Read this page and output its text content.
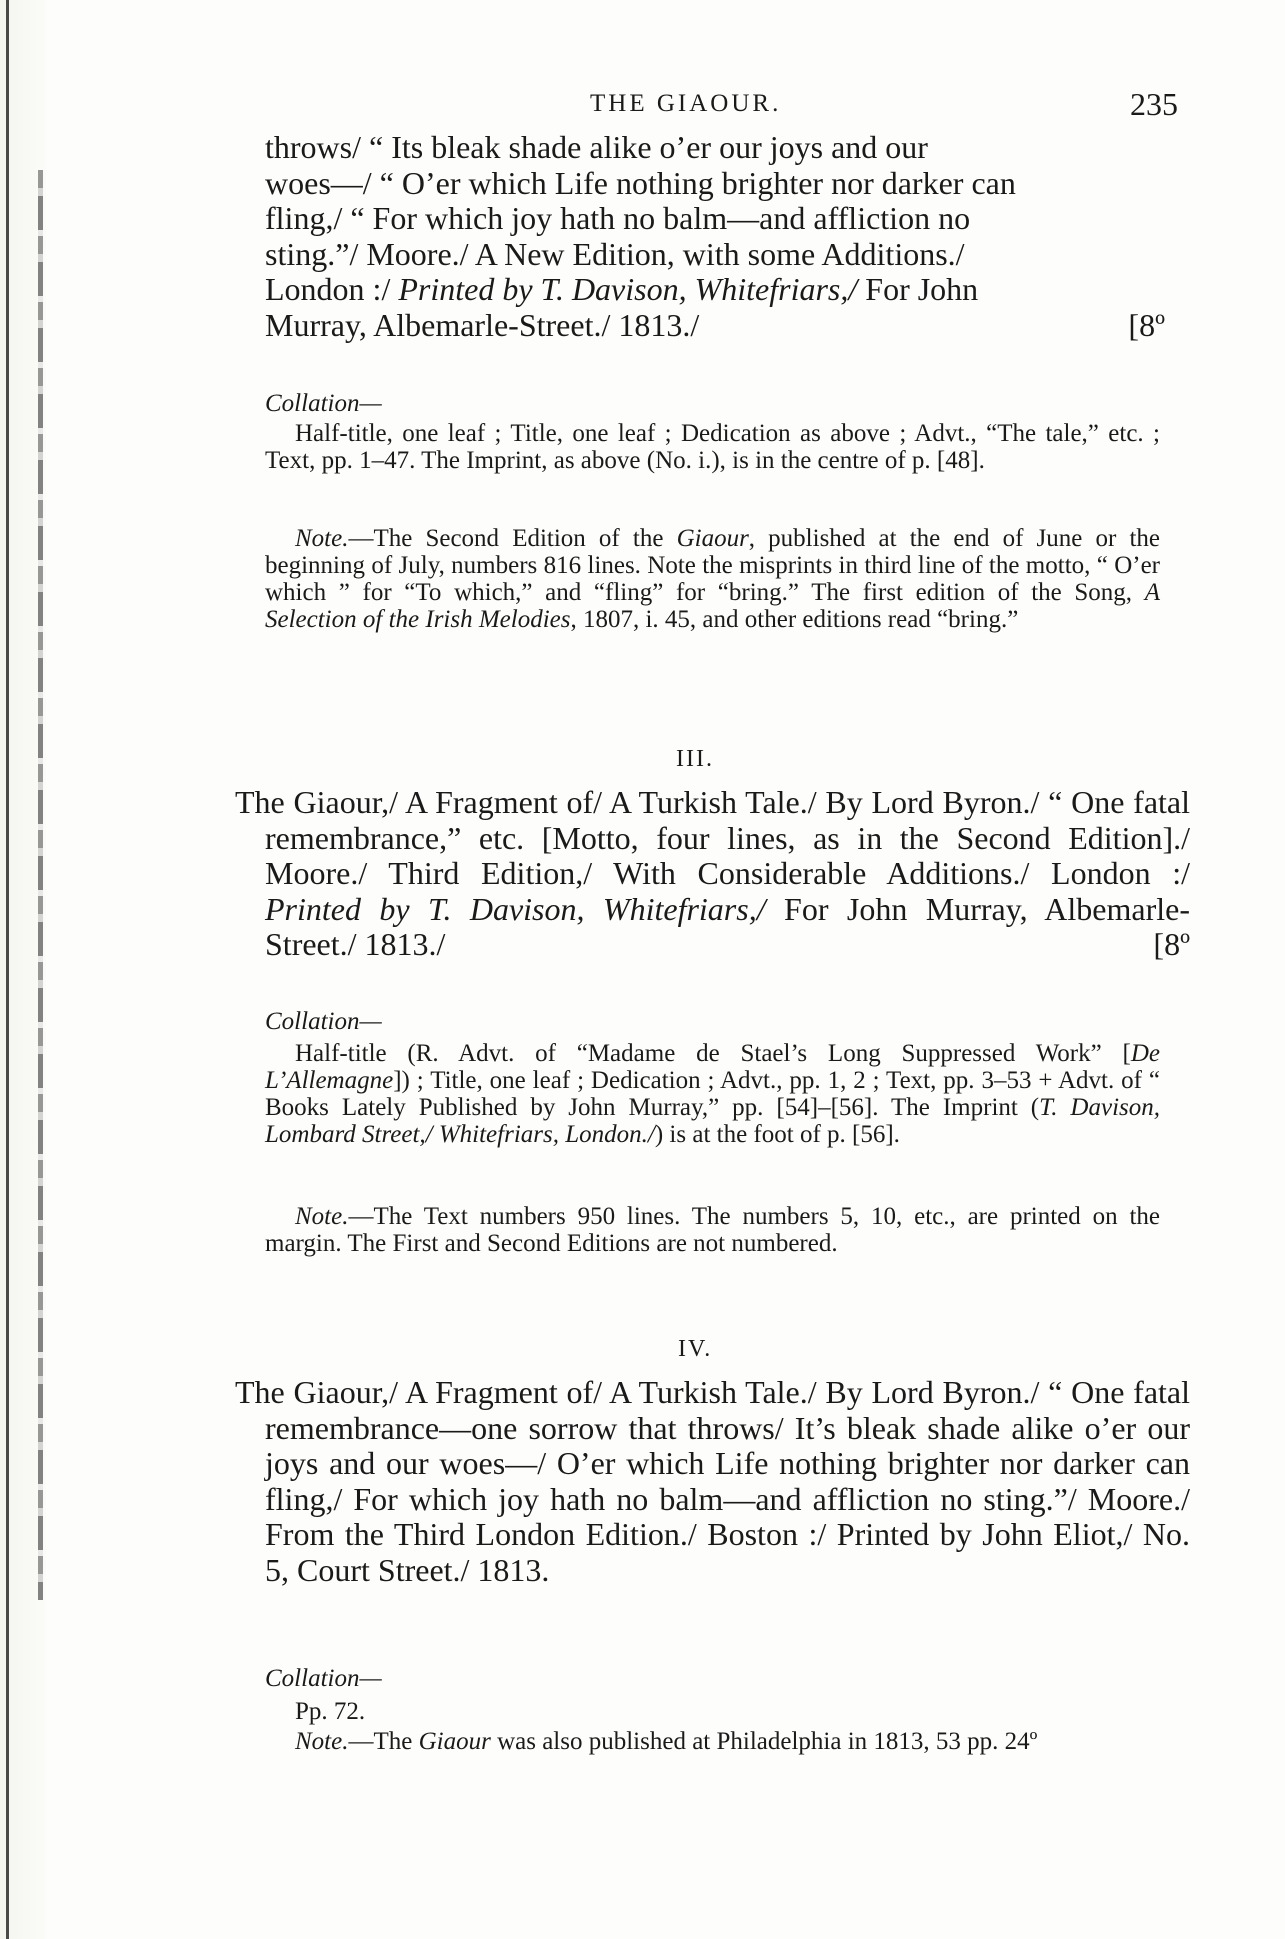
THE GIAOUR.	235
throws/ “ Its bleak shade alike o’er our joys and our
woes—/ “ O’er which Life nothing brighter nor darker can
fling,/ “ For which joy hath no balm—and affliction no
sting.”/ Moore./ A New Edition, with some Additions./
London :/ Printed by T. Davison, Whitefriars,/ For John
Murray, Albemarle-Street./ 1813./	[8º
Collation—
Half-title, one leaf ; Title, one leaf ; Dedication as above ; Advt., “The tale,” etc. ; Text, pp. 1–47. The Imprint, as above (No. i.), is in the centre of p. [48].
Note.—The Second Edition of the Giaour, published at the end of June or the beginning of July, numbers 816 lines. Note the misprints in third line of the motto, “ O’er which ” for “To which,” and “fling” for “bring.” The first edition of the Song, A Selection of the Irish Melodies, 1807, i. 45, and other editions read “bring.”
III.
The Giaour,/ A Fragment of/ A Turkish Tale./ By Lord Byron./ “ One fatal remembrance,” etc. [Motto, four lines, as in the Second Edition]./ Moore./ Third Edition,/ With Considerable Additions./ London :/ Printed by T. Davison, Whitefriars,/ For John Murray, Albemarle-Street./ 1813./	[8º
Collation—
Half-title (R. Advt. of “Madame de Stael’s Long Suppressed Work” [De L’Allemagne]) ; Title, one leaf ; Dedication ; Advt., pp. 1, 2 ; Text, pp. 3–53 + Advt. of “ Books Lately Published by John Murray,” pp. [54]–[56]. The Imprint (T. Davison, Lombard Street,/ Whitefriars, London./) is at the foot of p. [56].
Note.—The Text numbers 950 lines. The numbers 5, 10, etc., are printed on the margin. The First and Second Editions are not numbered.
IV.
The Giaour,/ A Fragment of/ A Turkish Tale./ By Lord Byron./ “ One fatal remembrance—one sorrow that throws/ It’s bleak shade alike o’er our joys and our woes—/ O’er which Life nothing brighter nor darker can fling,/ For which joy hath no balm—and affliction no sting.”/ Moore./ From the Third London Edition./ Boston :/ Printed by John Eliot,/ No. 5, Court Street./ 1813.
Collation—
Pp. 72.
Note.—The Giaour was also published at Philadelphia in 1813, 53 pp. 24º
